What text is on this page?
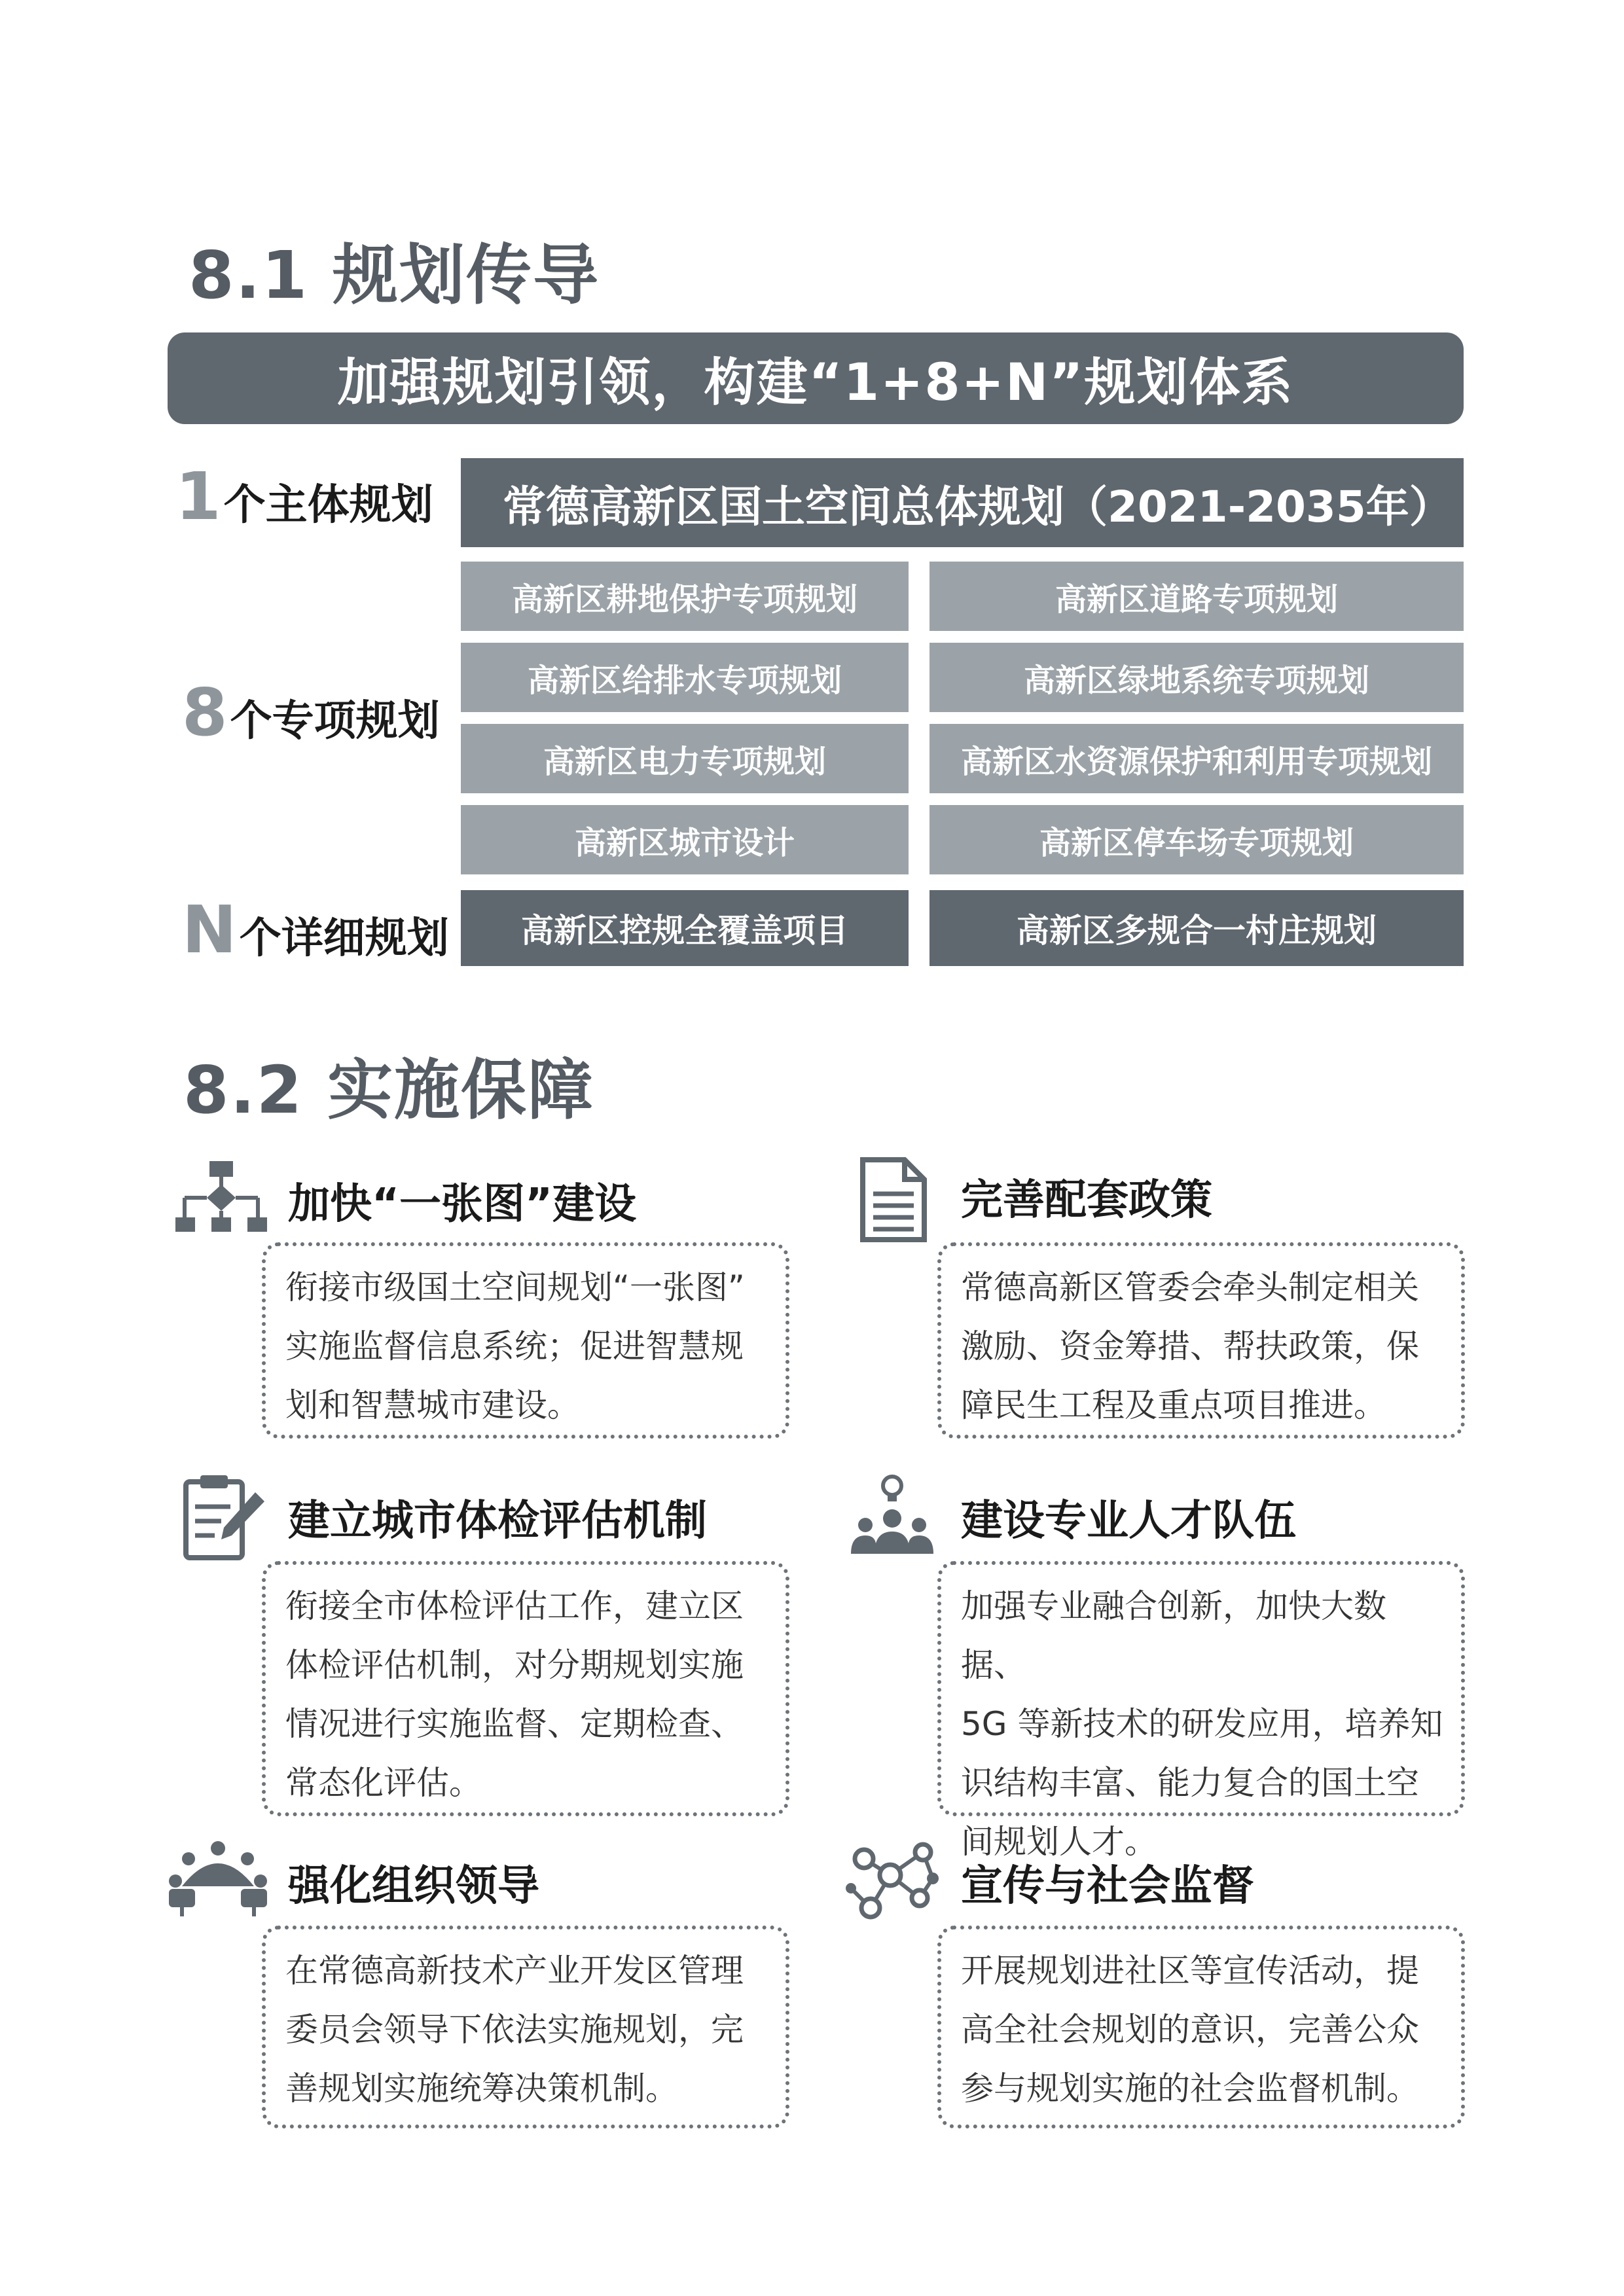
8.1 规划传导
加强规划引领，构建“1+8+N”规划体系
1 个主体规划
8 个专项规划
N 个详细规划
常德高新区国土空间总体规划（2021-2035年）
高新区耕地保护专项规划	高新区道路专项规划
高新区给排水专项规划	高新区绿地系统专项规划
高新区电力专项规划	高新区水资源保护和利用专项规划
高新区城市设计	高新区停车场专项规划
高新区控规全覆盖项目	高新区多规合一村庄规划
8.2 实施保障
加快“一张图”建设
衔接市级国土空间规划“一张图”
实施监督信息系统；促进智慧规
划和智慧城市建设。
完善配套政策
常德高新区管委会牵头制定相关
激励、资金筹措、帮扶政策，保
障民生工程及重点项目推进。
建立城市体检评估机制
衔接全市体检评估工作，建立区
体检评估机制，对分期规划实施
情况进行实施监督、定期检查、
常态化评估。
建设专业人才队伍
加强专业融合创新，加快大数据、
5G 等新技术的研发应用，培养知
识结构丰富、能力复合的国土空
间规划人才。
强化组织领导
在常德高新技术产业开发区管理
委员会领导下依法实施规划，完
善规划实施统筹决策机制。
宣传与社会监督
开展规划进社区等宣传活动，提
高全社会规划的意识，完善公众
参与规划实施的社会监督机制。
